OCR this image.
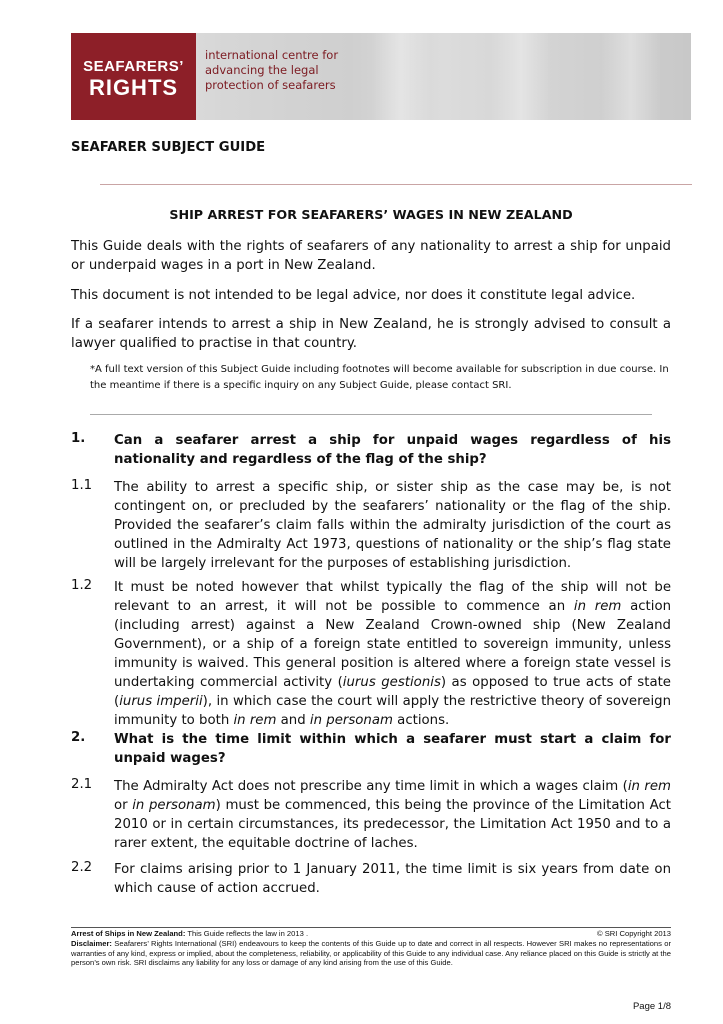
SEAFARERS’
RIGHTS
international centre for
advancing the legal
protection of seafarers
SEAFARER SUBJECT GUIDE
SHIP ARREST FOR SEAFARERS’ WAGES IN NEW ZEALAND
This Guide deals with the rights of seafarers of any nationality to arrest a ship for unpaid or underpaid wages in a port in New Zealand.
This document is not intended to be legal advice, nor does it constitute legal advice.
If a seafarer intends to arrest a ship in New Zealand, he is strongly advised to consult a lawyer qualified to practise in that country.
*A full text version of this Subject Guide including footnotes will become available for subscription in due course. In the meantime if there is a specific inquiry on any Subject Guide, please contact SRI.
1. Can a seafarer arrest a ship for unpaid wages regardless of his nationality and regardless of the flag of the ship?
1.1 The ability to arrest a specific ship, or sister ship as the case may be, is not contingent on, or precluded by the seafarers’ nationality or the flag of the ship. Provided the seafarer’s claim falls within the admiralty jurisdiction of the court as outlined in the Admiralty Act 1973, questions of nationality or the ship’s flag state will be largely irrelevant for the purposes of establishing jurisdiction.
1.2 It must be noted however that whilst typically the flag of the ship will not be relevant to an arrest, it will not be possible to commence an in rem action (including arrest) against a New Zealand Crown-owned ship (New Zealand Government), or a ship of a foreign state entitled to sovereign immunity, unless immunity is waived. This general position is altered where a foreign state vessel is undertaking commercial activity (iurus gestionis) as opposed to true acts of state (iurus imperii), in which case the court will apply the restrictive theory of sovereign immunity to both in rem and in personam actions.
2. What is the time limit within which a seafarer must start a claim for unpaid wages?
2.1 The Admiralty Act does not prescribe any time limit in which a wages claim (in rem or in personam) must be commenced, this being the province of the Limitation Act 2010 or in certain circumstances, its predecessor, the Limitation Act 1950 and to a rarer extent, the equitable doctrine of laches.
2.2 For claims arising prior to 1 January 2011, the time limit is six years from date on which cause of action accrued.
Arrest of Ships in New Zealand: This Guide reflects the law in 2013 .	© SRI Copyright 2013
Disclaimer: Seafarers’ Rights International (SRI) endeavours to keep the contents of this Guide up to date and correct in all respects. However SRI makes no representations or warranties of any kind, express or implied, about the completeness, reliability, or applicability of this Guide to any individual case. Any reliance placed on this Guide is strictly at the person’s own risk. SRI disclaims any liability for any loss or damage of any kind arising from the use of this Guide.
Page 1/8
